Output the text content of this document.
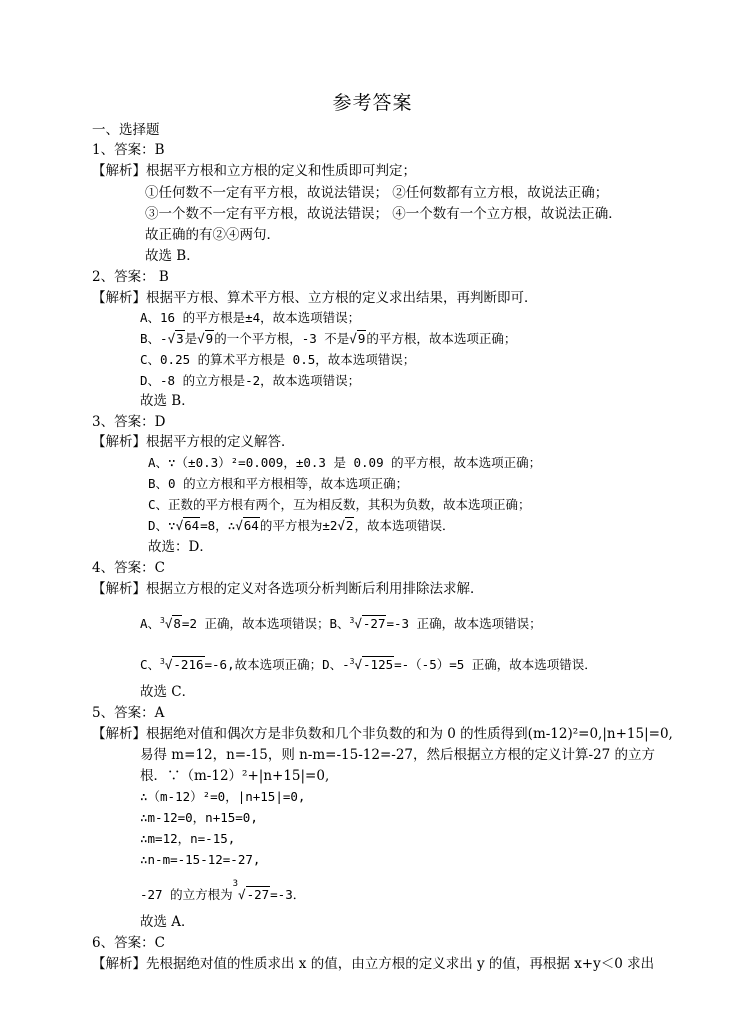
参考答案
一、选择题
1、答案：B
【解析】根据平方根和立方根的定义和性质即可判定；
①任何数不一定有平方根，故说法错误； ②任何数都有立方根，故说法正确；
③一个数不一定有平方根，故说法错误； ④一个数有一个立方根，故说法正确．
故正确的有②④两句．
故选 B．
2、答案： B
【解析】根据平方根、算术平方根、立方根的定义求出结果，再判断即可．
A、16 的平方根是±4，故本选项错误；
B、-√3是√9的一个平方根，-3 不是√9的平方根，故本选项正确；
C、0.25 的算术平方根是 0.5，故本选项错误；
D、-8 的立方根是-2，故本选项错误；
故选 B．
3、答案：D
【解析】根据平方根的定义解答．
A、∵（±0.3）²=0.009，±0.3 是 0.09 的平方根，故本选项正确；
B、0 的立方根和平方根相等，故本选项正确；
C、正数的平方根有两个，互为相反数，其积为负数，故本选项正确；
D、∵√64=8，∴√64的平方根为±2√2，故本选项错误．
故选：D．
4、答案：C
【解析】根据立方根的定义对各选项分析判断后利用排除法求解．
A、$^3$√8=2 正确，故本选项错误；B、$^3$√-27=-3 正确，故本选项错误；
C、$^3$√-216=-6,故本选项正确；D、-$^3$√-125=-（-5）=5 正确，故本选项错误．
故选 C．
5、答案：A
【解析】根据绝对值和偶次方是非负数和几个非负数的和为 0 的性质得到(m-12)²=0,|n+15|=0,
易得 m=12，n=-15，则 n-m=-15-12=-27，然后根据立方根的定义计算-27 的立方
根．∵（m-12）²+|n+15|=0,
∴（m-12）²=0，|n+15|=0,
∴m-12=0，n+15=0,
∴m=12，n=-15,
∴n-m=-15-12=-27,
-27 的立方根为$^3$√-27=-3．
故选 A．
6、答案：C
【解析】先根据绝对值的性质求出 x 的值，由立方根的定义求出 y 的值，再根据 x+y＜0 求出
